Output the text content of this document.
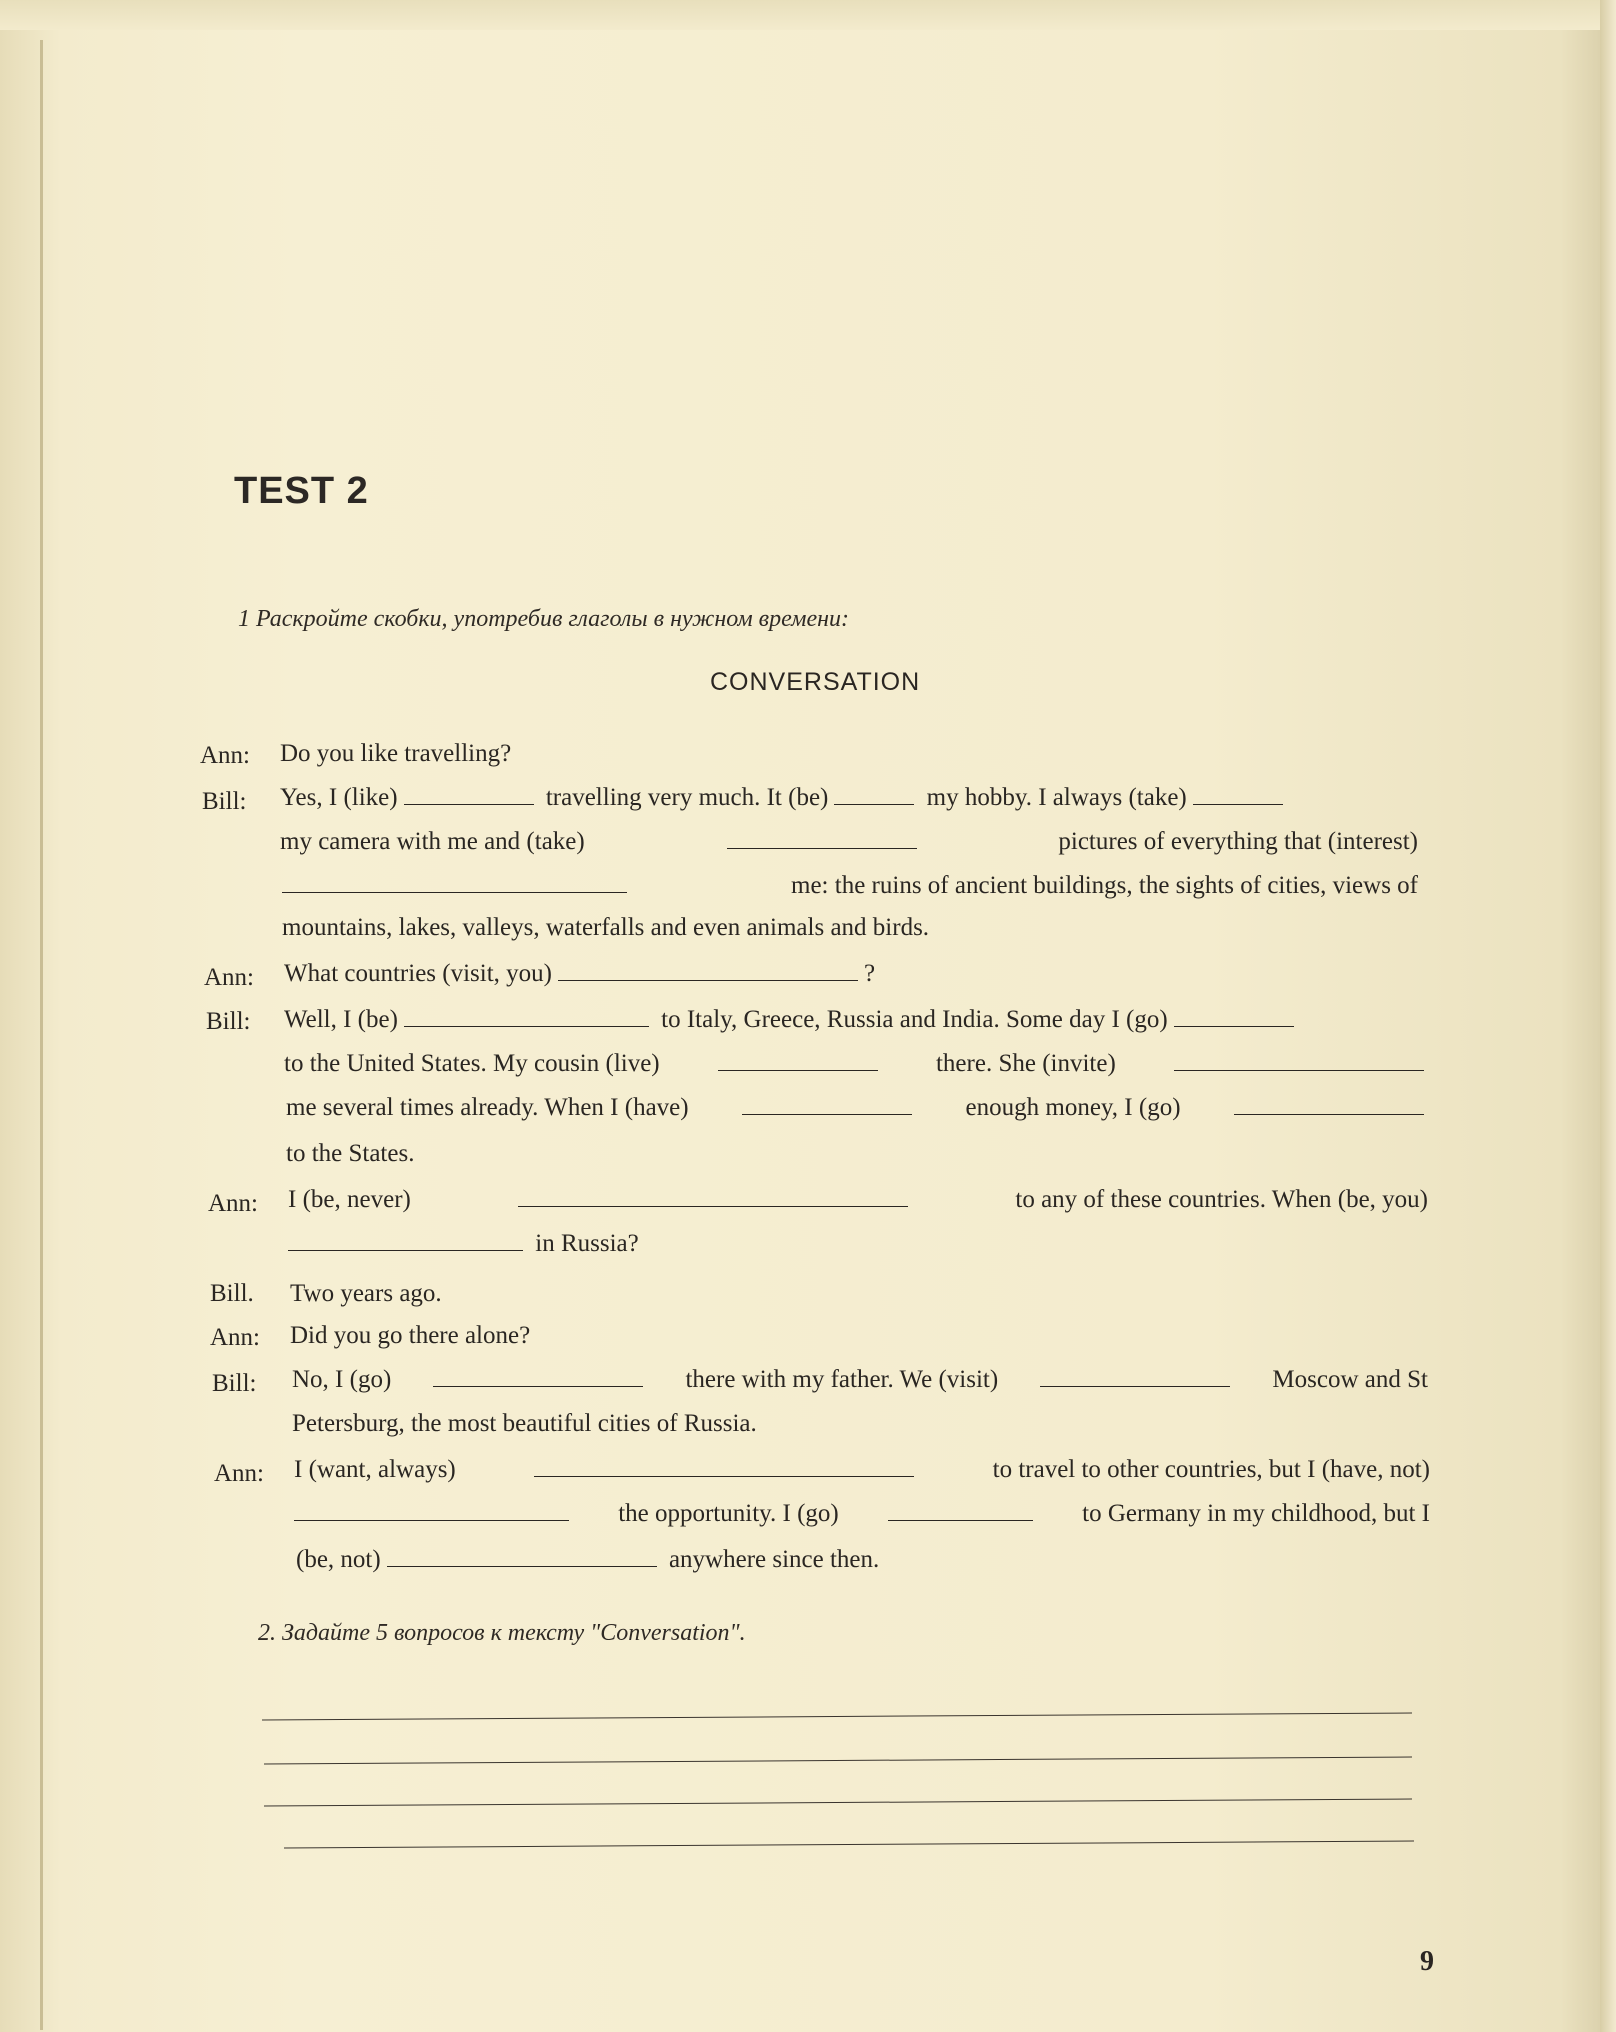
TEST 2
1 Раскройте скобки, употребив глаголы в нужном времени:
CONVERSATION
Ann:
Bill:
Ann:
Bill:
Ann:
Bill.
Ann:
Bill:
Ann:
Do you like travelling?
Yes, I (like)	travelling very much. It (be)	my hobby. I always (take)
my camera with me and (take)	pictures of everything that (interest)
me: the ruins of ancient buildings, the sights of cities, views of
mountains, lakes, valleys, waterfalls and even animals and birds.
What countries (visit, you)	?
Well, I (be)	to Italy, Greece, Russia and India. Some day I (go)
to the United States. My cousin (live)	there. She (invite)
me several times already. When I (have)	enough money, I (go)
to the States.
I (be, never)	to any of these countries. When (be, you)
in Russia?
Two years ago.
Did you go there alone?
No, I (go)	there with my father. We (visit)	Moscow and St
Petersburg, the most beautiful cities of Russia.
I (want, always)	to travel to other countries, but I (have, not)
the opportunity. I (go)	to Germany in my childhood, but I
(be, not)	anywhere since then.
2. Задайте 5 вопросов к тексту "Conversation".
9
